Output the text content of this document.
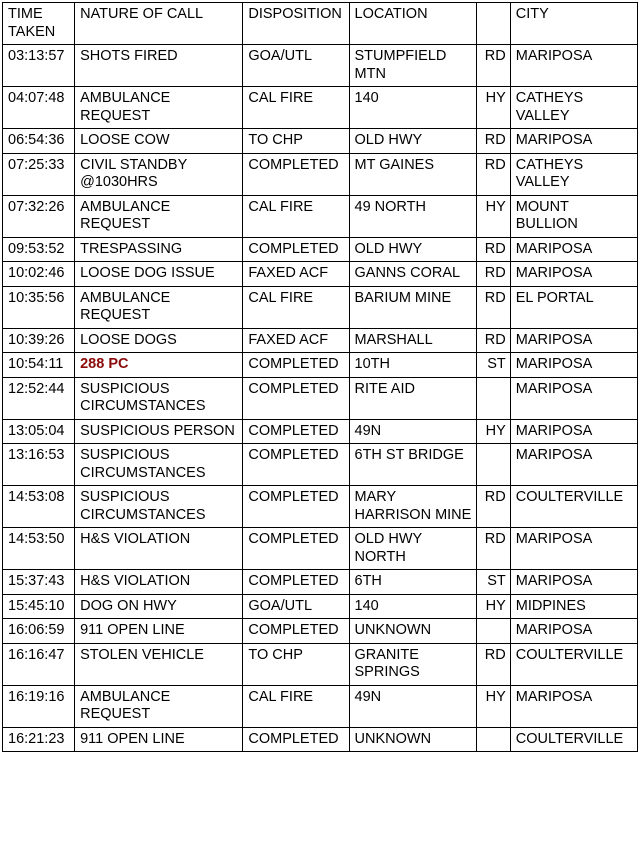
TIME TAKEN	NATURE OF CALL	DISPOSITION	LOCATION		CITY
03:13:57	SHOTS FIRED	GOA/UTL	STUMPFIELD MTN	RD	MARIPOSA
04:07:48	AMBULANCE REQUEST	CAL FIRE	140	HY	CATHEYS VALLEY
06:54:36	LOOSE COW	TO CHP	OLD HWY	RD	MARIPOSA
07:25:33	CIVIL STANDBY @1030HRS	COMPLETED	MT GAINES	RD	CATHEYS VALLEY
07:32:26	AMBULANCE REQUEST	CAL FIRE	49 NORTH	HY	MOUNT BULLION
09:53:52	TRESPASSING	COMPLETED	OLD HWY	RD	MARIPOSA
10:02:46	LOOSE DOG ISSUE	FAXED ACF	GANNS CORAL	RD	MARIPOSA
10:35:56	AMBULANCE REQUEST	CAL FIRE	BARIUM MINE	RD	EL PORTAL
10:39:26	LOOSE DOGS	FAXED ACF	MARSHALL	RD	MARIPOSA
10:54:11	288 PC	COMPLETED	10TH	ST	MARIPOSA
12:52:44	SUSPICIOUS CIRCUMSTANCES	COMPLETED	RITE AID		MARIPOSA
13:05:04	SUSPICIOUS PERSON	COMPLETED	49N	HY	MARIPOSA
13:16:53	SUSPICIOUS CIRCUMSTANCES	COMPLETED	6TH ST BRIDGE		MARIPOSA
14:53:08	SUSPICIOUS CIRCUMSTANCES	COMPLETED	MARY HARRISON MINE	RD	COULTERVILLE
14:53:50	H&S VIOLATION	COMPLETED	OLD HWY NORTH	RD	MARIPOSA
15:37:43	H&S VIOLATION	COMPLETED	6TH	ST	MARIPOSA
15:45:10	DOG ON HWY	GOA/UTL	140	HY	MIDPINES
16:06:59	911 OPEN LINE	COMPLETED	UNKNOWN		MARIPOSA
16:16:47	STOLEN VEHICLE	TO CHP	GRANITE SPRINGS	RD	COULTERVILLE
16:19:16	AMBULANCE REQUEST	CAL FIRE	49N	HY	MARIPOSA
16:21:23	911 OPEN LINE	COMPLETED	UNKNOWN		COULTERVILLE
